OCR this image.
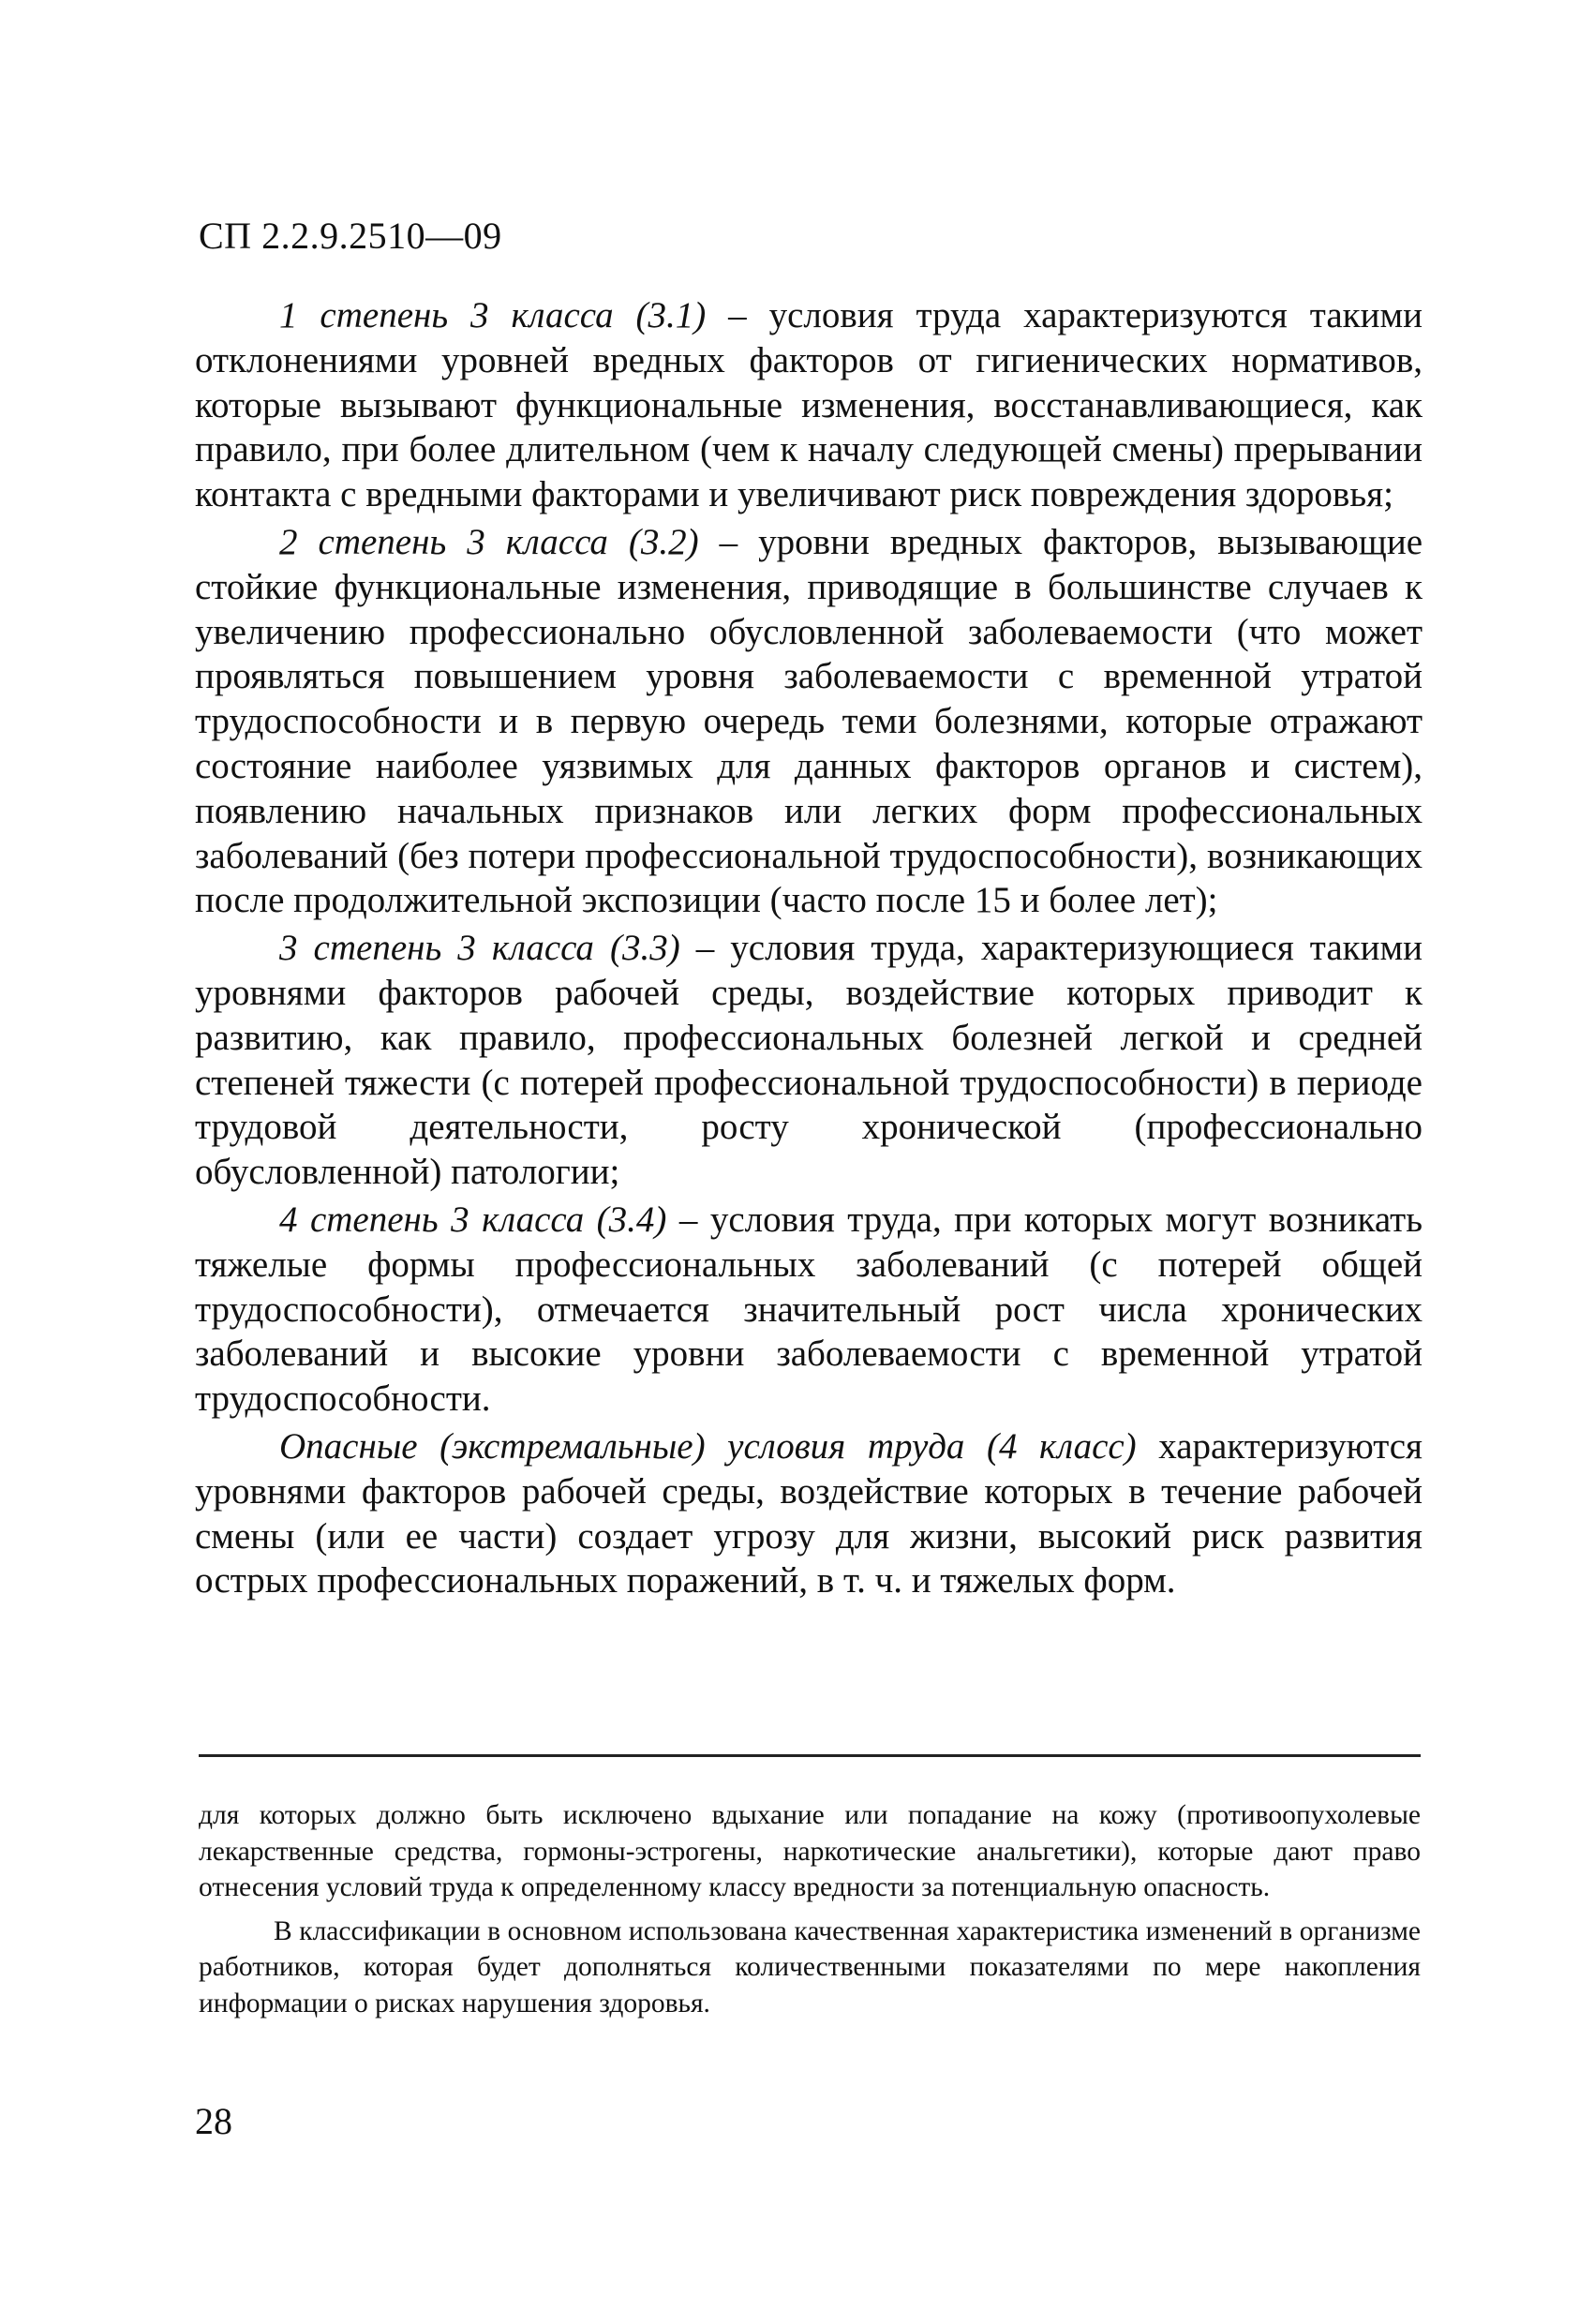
СП 2.2.9.2510—09

1 степень 3 класса (3.1) – условия труда характеризуются такими отклонениями уровней вредных факторов от гигиенических нормативов, которые вызывают функциональные изменения, восстанавливающиеся, как правило, при более длительном (чем к началу следующей смены) прерывании контакта с вредными факторами и увеличивают риск повреждения здоровья;

2 степень 3 класса (3.2) – уровни вредных факторов, вызывающие стойкие функциональные изменения, приводящие в большинстве случаев к увеличению профессионально обусловленной заболеваемости (что может проявляться повышением уровня заболеваемости с временной утратой трудоспособности и в первую очередь теми болезнями, которые отражают состояние наиболее уязвимых для данных факторов органов и систем), появлению начальных признаков или легких форм профессиональных заболеваний (без потери профессиональной трудоспособности), возникающих после продолжительной экспозиции (часто после 15 и более лет);

3 степень 3 класса (3.3) – условия труда, характеризующиеся такими уровнями факторов рабочей среды, воздействие которых приводит к развитию, как правило, профессиональных болезней легкой и средней степеней тяжести (с потерей профессиональной трудоспособности) в периоде трудовой деятельности, росту хронической (профессионально обусловленной) патологии;

4 степень 3 класса (3.4) – условия труда, при которых могут возникать тяжелые формы профессиональных заболеваний (с потерей общей трудоспособности), отмечается значительный рост числа хронических заболеваний и высокие уровни заболеваемости с временной утратой трудоспособности.

Опасные (экстремальные) условия труда (4 класс) характеризуются уровнями факторов рабочей среды, воздействие которых в течение рабочей смены (или ее части) создает угрозу для жизни, высокий риск развития острых профессиональных поражений, в т. ч. и тяжелых форм.

для которых должно быть исключено вдыхание или попадание на кожу (противоопухолевые лекарственные средства, гормоны-эстрогены, наркотические анальгетики), которые дают право отнесения условий труда к определенному классу вредности за потенциальную опасность.

В классификации в основном использована качественная характеристика изменений в организме работников, которая будет дополняться количественными показателями по мере накопления информации о рисках нарушения здоровья.

28
